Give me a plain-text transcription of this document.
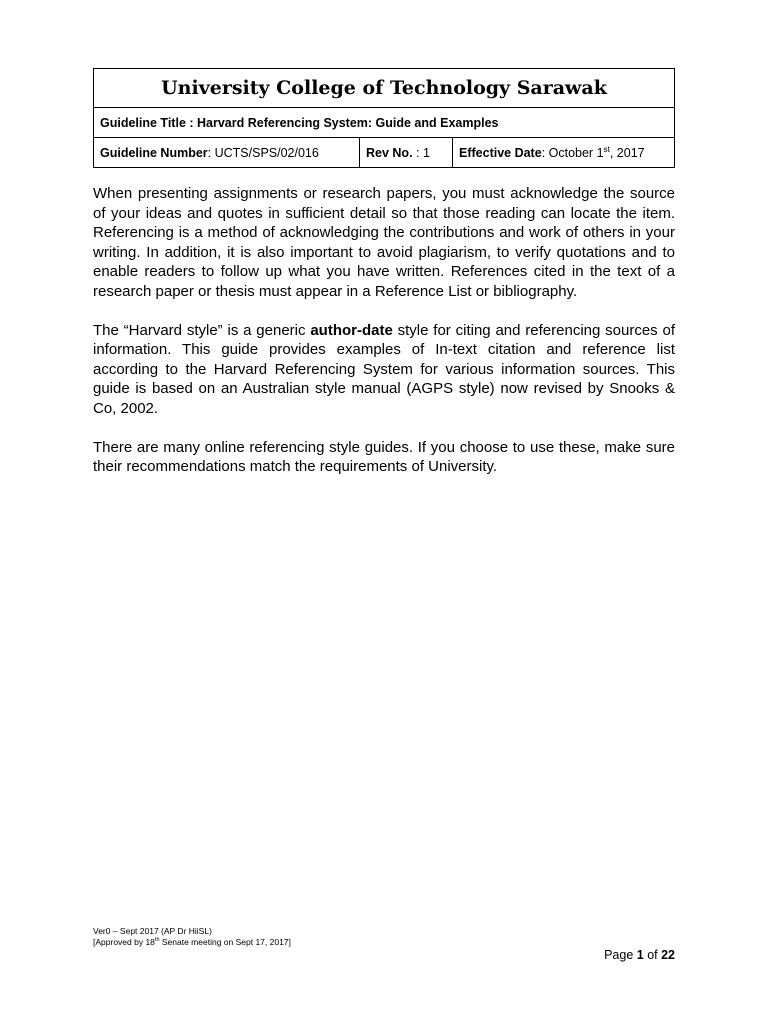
University College of Technology Sarawak
Guideline Title : Harvard Referencing System: Guide and Examples
Guideline Number: UCTS/SPS/02/016	Rev No. : 1	Effective Date: October 1st, 2017

When presenting assignments or research papers, you must acknowledge the source of your ideas and quotes in sufficient detail so that those reading can locate the item. Referencing is a method of acknowledging the contributions and work of others in your writing. In addition, it is also important to avoid plagiarism, to verify quotations and to enable readers to follow up what you have written. References cited in the text of a research paper or thesis must appear in a Reference List or bibliography.

The “Harvard style” is a generic author-date style for citing and referencing sources of information. This guide provides examples of In-text citation and reference list according to the Harvard Referencing System for various information sources. This guide is based on an Australian style manual (AGPS style) now revised by Snooks & Co, 2002.

There are many online referencing style guides. If you choose to use these, make sure their recommendations match the requirements of University.

Ver0 – Sept 2017 (AP Dr HiiSL)
[Approved by 18th Senate meeting on Sept 17, 2017]
Page 1 of 22
